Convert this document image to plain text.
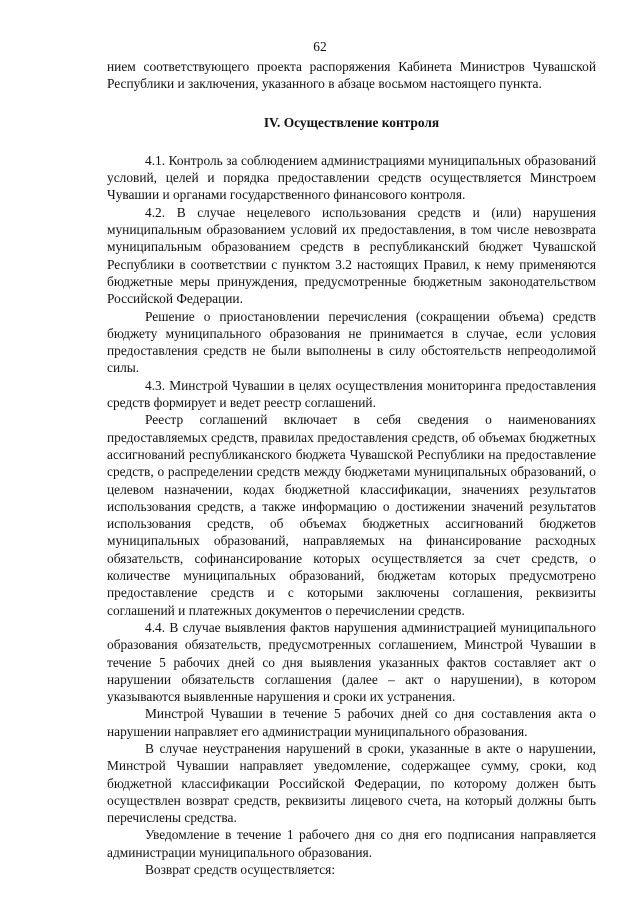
62

нием соответствующего проекта распоряжения Кабинета Министров Чувашской Республики и заключения, указанного в абзаце восьмом настоящего пункта.

IV. Осуществление контроля

4.1. Контроль за соблюдением администрациями муниципальных образований условий, целей и порядка предоставлении средств осуществляется Минстроем Чувашии и органами государственного финансового контроля.

4.2. В случае нецелевого использования средств и (или) нарушения муниципальным образованием условий их предоставления, в том числе невозврата муниципальным образованием средств в республиканский бюджет Чувашской Республики в соответствии с пунктом 3.2 настоящих Правил, к нему применяются бюджетные меры принуждения, предусмотренные бюджетным законодательством Российской Федерации.

Решение о приостановлении перечисления (сокращении объема) средств бюджету муниципального образования не принимается в случае, если условия предоставления средств не были выполнены в силу обстоятельств непреодолимой силы.

4.3. Минстрой Чувашии в целях осуществления мониторинга предоставления средств формирует и ведет реестр соглашений.

Реестр соглашений включает в себя сведения о наименованиях предоставляемых средств, правилах предоставления средств, об объемах бюджетных ассигнований республиканского бюджета Чувашской Республики на предоставление средств, о распределении средств между бюджетами муниципальных образований, о целевом назначении, кодах бюджетной классификации, значениях результатов использования средств, а также информацию о достижении значений результатов использования средств, об объемах бюджетных ассигнований бюджетов муниципальных образований, направляемых на финансирование расходных обязательств, софинансирование которых осуществляется за счет средств, о количестве муниципальных образований, бюджетам которых предусмотрено предоставление средств и с которыми заключены соглашения, реквизиты соглашений и платежных документов о перечислении средств.

4.4. В случае выявления фактов нарушения администрацией муниципального образования обязательств, предусмотренных соглашением, Минстрой Чувашии в течение 5 рабочих дней со дня выявления указанных фактов составляет акт о нарушении обязательств соглашения (далее – акт о нарушении), в котором указываются выявленные нарушения и сроки их устранения.

Минстрой Чувашии в течение 5 рабочих дней со дня составления акта о нарушении направляет его администрации муниципального образования.

В случае неустранения нарушений в сроки, указанные в акте о нарушении, Минстрой Чувашии направляет уведомление, содержащее сумму, сроки, код бюджетной классификации Российской Федерации, по которому должен быть осуществлен возврат средств, реквизиты лицевого счета, на который должны быть перечислены средства.

Уведомление в течение 1 рабочего дня со дня его подписания направляется администрации муниципального образования.

Возврат средств осуществляется:
